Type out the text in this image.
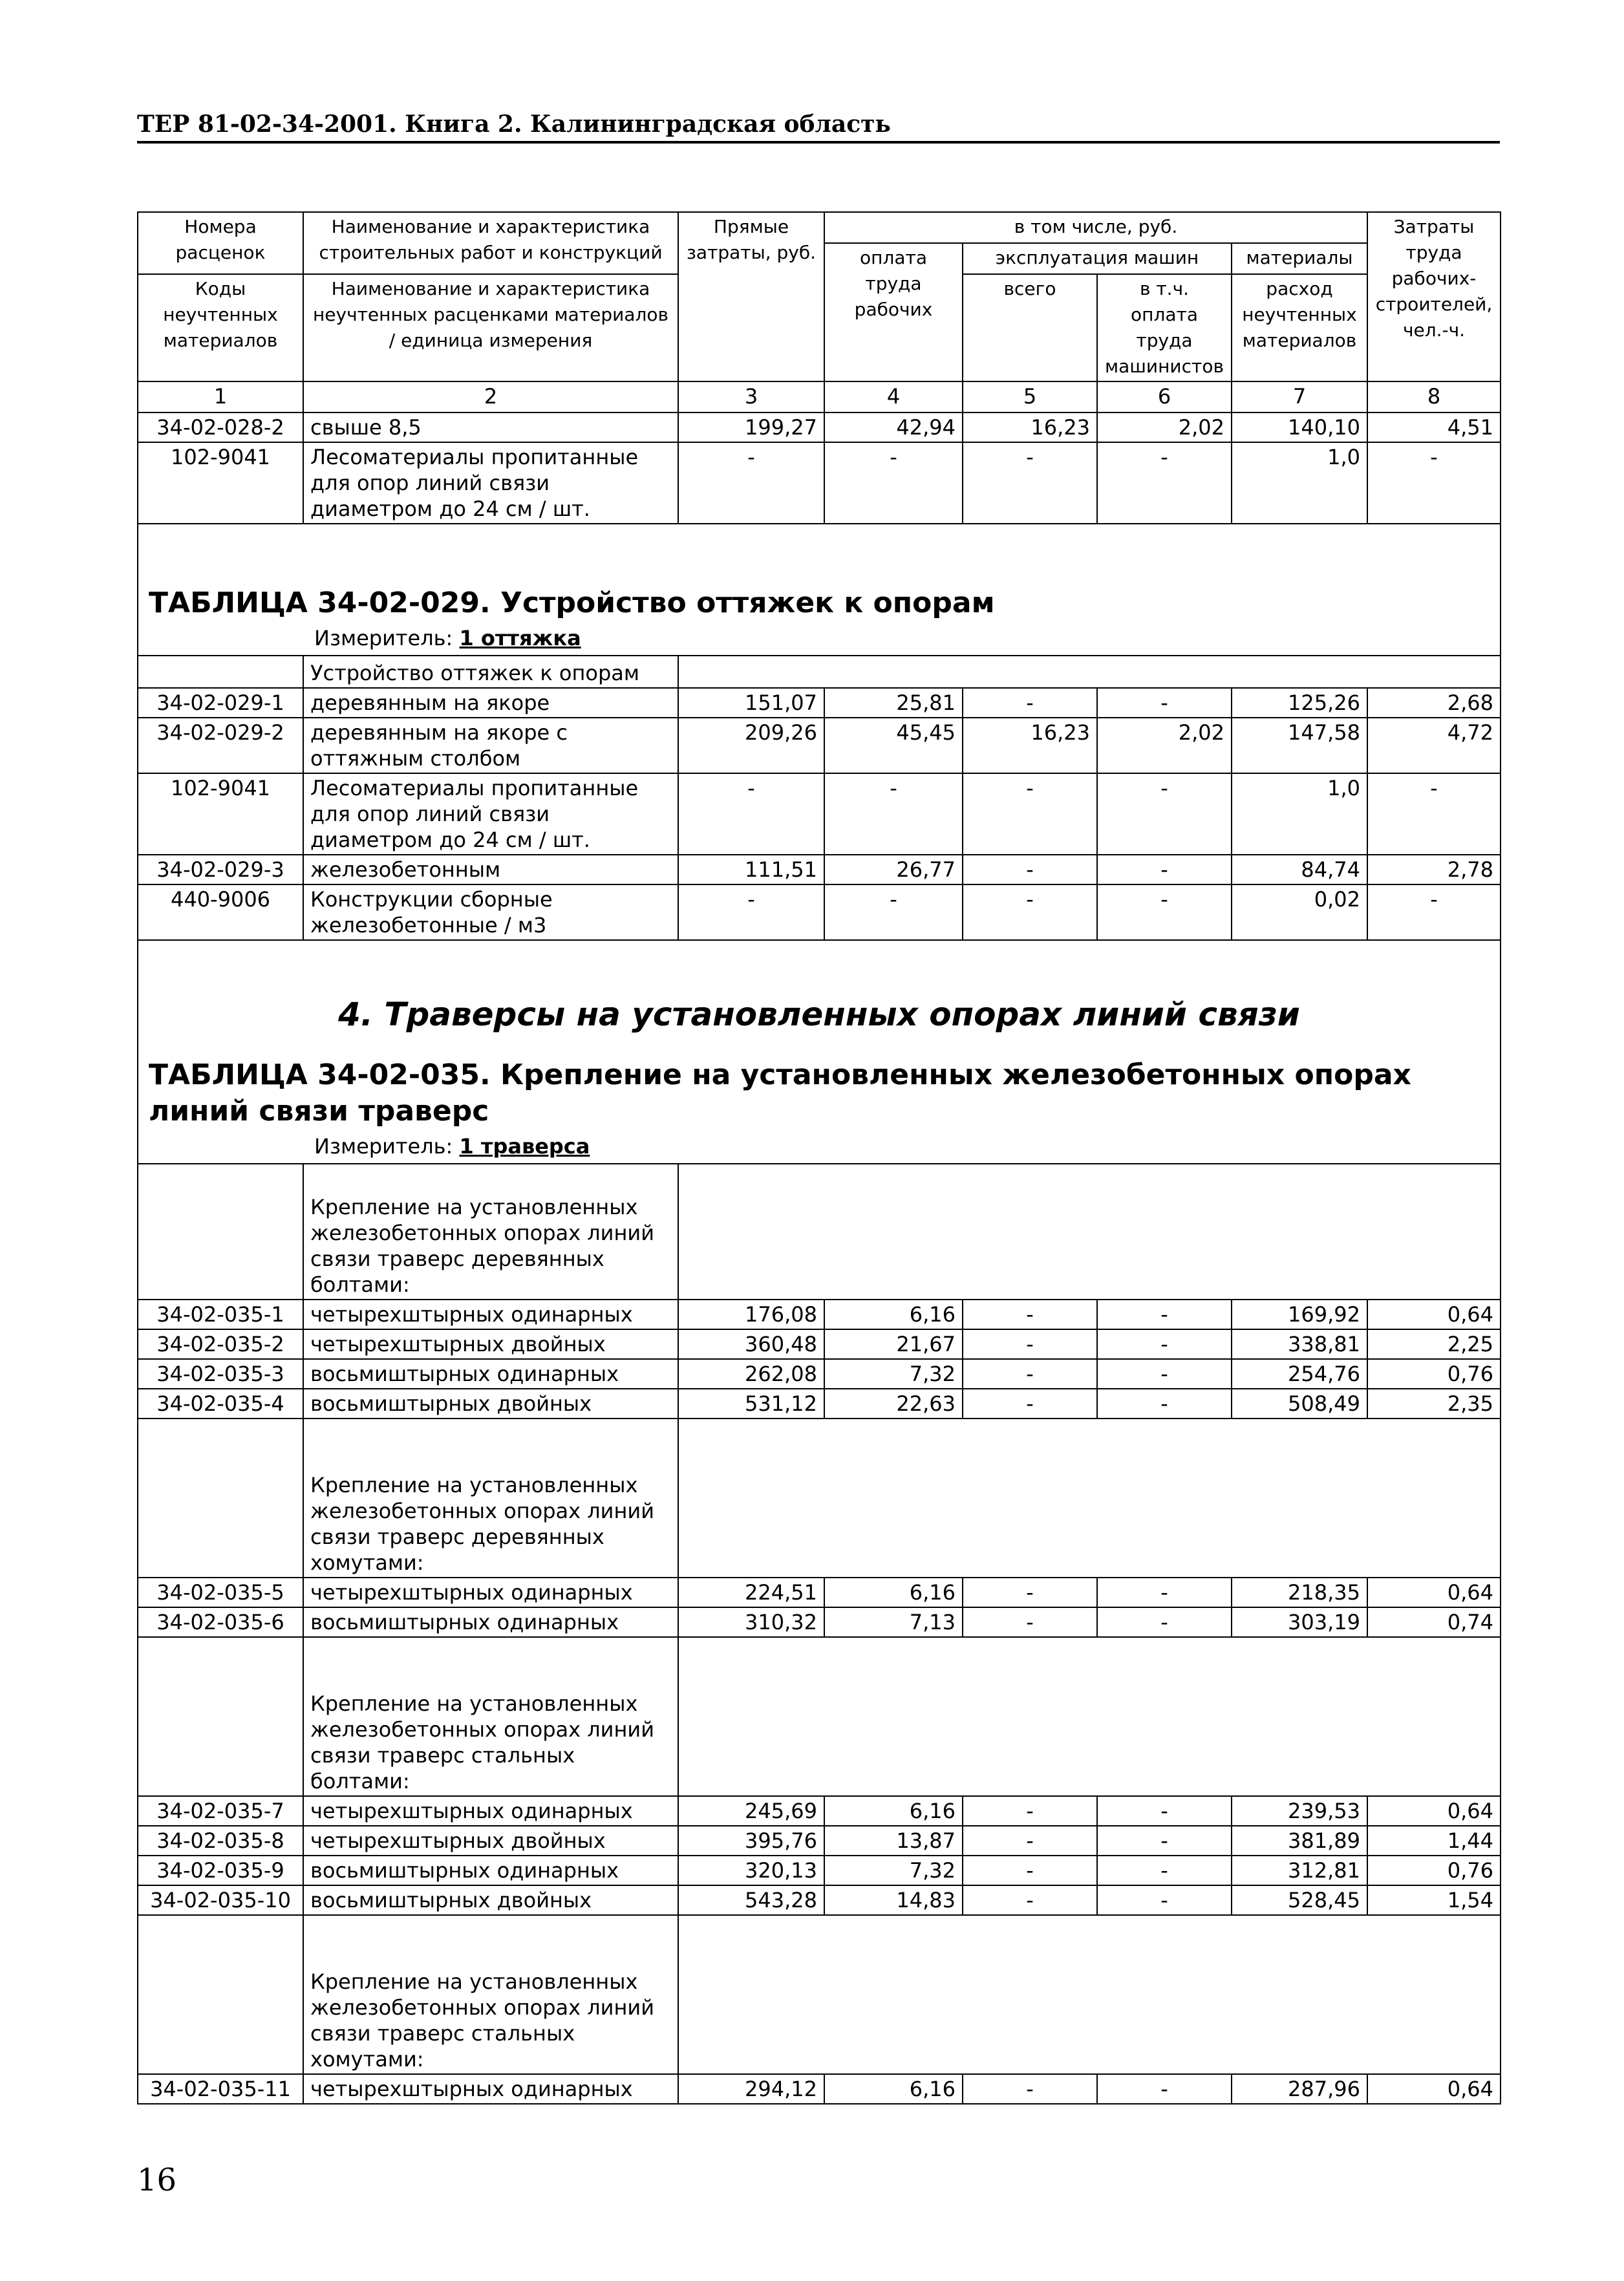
ТЕР 81-02-34-2001. Книга 2. Калининградская область
Номера расценок	Наименование и характеристика строительных работ и конструкций	Прямые затраты, руб.	в том числе, руб.				Затраты труда рабочих-строителей, чел.-ч.
			оплата труда рабочих	эксплуатация машин		материалы	
Коды неучтенных материалов	Наименование и характеристика неучтенных расценками материалов / единица измерения			всего	в т.ч. оплата труда машинистов	расход неучтенных материалов	

1	2	3	4	5	6	7	8
34-02-028-2	свыше 8,5	199,27	42,94	16,23	2,02	140,10	4,51
102-9041	Лесоматериалы пропитанные для опор линий связи диаметром до 24 см / шт.	-	-	-	-	1,0	-

ТАБЛИЦА 34-02-029. Устройство оттяжек к опорам
Измеритель: 1 оттяжка							

	Устройство оттяжек к опорам						
34-02-029-1	деревянным на якоре	151,07	25,81	-	-	125,26	2,68
34-02-029-2	деревянным на якоре с оттяжным столбом	209,26	45,45	16,23	2,02	147,58	4,72
102-9041	Лесоматериалы пропитанные для опор линий связи диаметром до 24 см / шт.	-	-	-	-	1,0	-
34-02-029-3	железобетонным	111,51	26,77	-	-	84,74	2,78
440-9006	Конструкции сборные железобетонные / м3	-	-	-	-	0,02	-

4. Траверсы на установленных опорах линий связи
ТАБЛИЦА 34-02-035. Крепление на установленных железобетонных опорах линий связи траверс
Измеритель: 1 траверса							

	Крепление на установленных железобетонных опорах линий связи траверс деревянных болтами:						
34-02-035-1	четырехштырных одинарных	176,08	6,16	-	-	169,92	0,64
34-02-035-2	четырехштырных двойных	360,48	21,67	-	-	338,81	2,25
34-02-035-3	восьмиштырных одинарных	262,08	7,32	-	-	254,76	0,76
34-02-035-4	восьмиштырных двойных	531,12	22,63	-	-	508,49	2,35
	Крепление на установленных железобетонных опорах линий связи траверс деревянных хомутами:						
34-02-035-5	четырехштырных одинарных	224,51	6,16	-	-	218,35	0,64
34-02-035-6	восьмиштырных одинарных	310,32	7,13	-	-	303,19	0,74
	Крепление на установленных железобетонных опорах линий связи траверс стальных болтами:						
34-02-035-7	четырехштырных одинарных	245,69	6,16	-	-	239,53	0,64
34-02-035-8	четырехштырных двойных	395,76	13,87	-	-	381,89	1,44
34-02-035-9	восьмиштырных одинарных	320,13	7,32	-	-	312,81	0,76
34-02-035-10	восьмиштырных двойных	543,28	14,83	-	-	528,45	1,54
	Крепление на установленных железобетонных опорах линий связи траверс стальных хомутами:						
34-02-035-11	четырехштырных одинарных	294,12	6,16	-	-	287,96	0,64
16
